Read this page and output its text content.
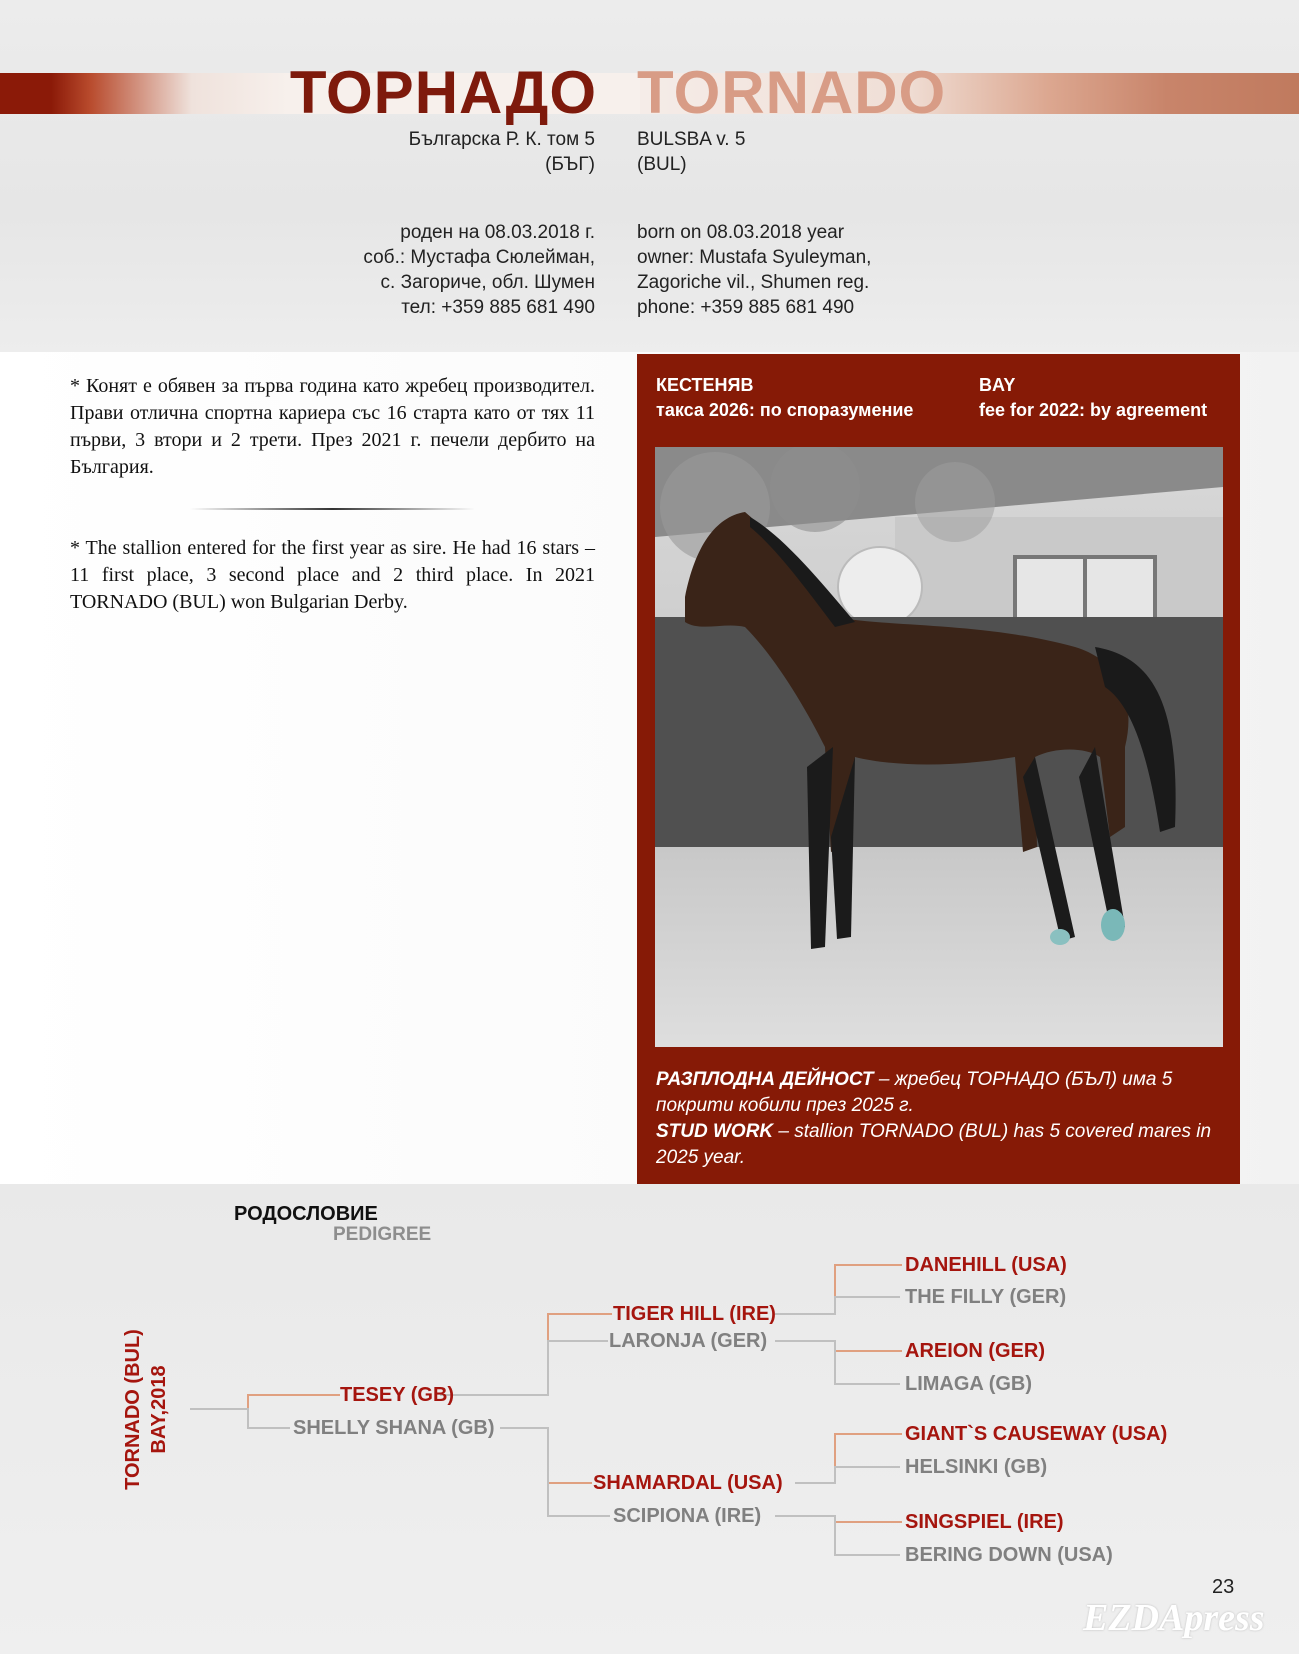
ТОРНАДО TORNADO
Българска Р. К. том 5
(БЪГ)
BULSBA v. 5
(BUL)
роден на 08.03.2018 г.
соб.: Мустафа Сюлейман,
с. Загориче, обл. Шумен
тел: +359 885 681 490
born on 08.03.2018 year
owner: Mustafa Syuleyman,
Zagoriche vil., Shumen reg.
phone: +359 885 681 490

* Конят е обявен за първа година като жребец производител. Прави отлична спортна кариера със 16 старта като от тях 11 първи, 3 втори и 2 трети. През 2021 г. печели дербито на България.

* The stallion entered for the first year as sire. He had 16 stars – 11 first place, 3 second place and 2 third place. In 2021 TORNADO (BUL) won Bulgarian Derby.

КЕСТЕНЯВ
такса 2026: по споразумение
BAY
fee for 2022: by agreement

РАЗПЛОДНА ДЕЙНОСТ – жребец ТОРНАДО (БЪЛ) има 5 покрити кобили през 2025 г.
STUD WORK – stallion TORNADO (BUL) has 5 covered mares in 2025 year.

РОДОСЛОВИЕ
PEDIGREE
TORNADO (BUL) BAY,2018	TESEY (GB)
SHELLY SHANA (GB)
TIGER HILL (IRE)
LARONJA (GER)
SHAMARDAL (USA)
SCIPIONA (IRE)
DANEHILL (USA)
THE FILLY (GER)
AREION (GER)
LIMAGA (GB)
GIANT`S CAUSEWAY (USA)
HELSINKI (GB)
SINGSPIEL (IRE)
BERING DOWN (USA)
23
EZDApress
